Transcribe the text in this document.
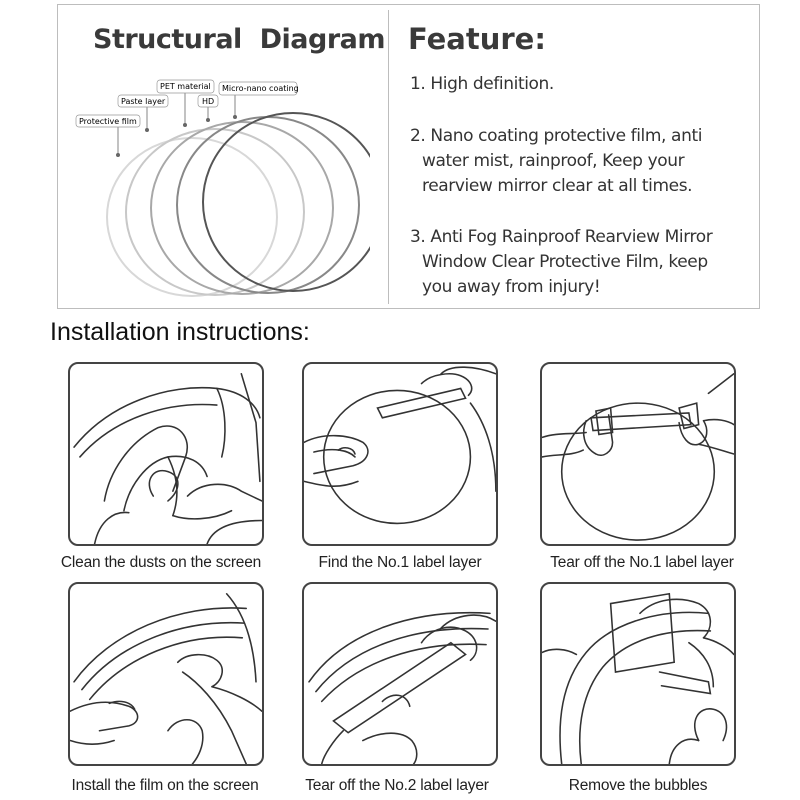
Structural  Diagram
PET material Micro-nano coating
Paste layer	HD
Protective film
Feature:
1. High definition.
2. Nano coating protective film, anti
water mist, rainproof, Keep your
rearview mirror clear at all times.
3. Anti Fog Rainproof Rearview Mirror
Window Clear Protective Film, keep
you away from injury!
Installation instructions:
Clean the dusts on the screen	Find the No.1 label layer	Tear off the No.1 label layer
Install the film on the screen	Tear off the No.2 label layer	Remove the bubbles
